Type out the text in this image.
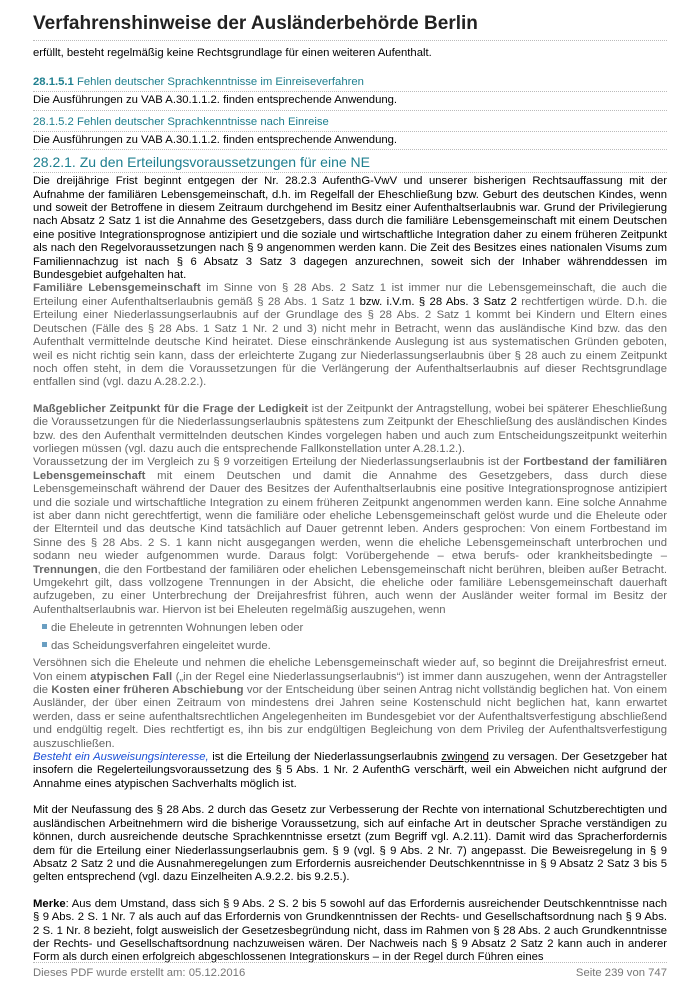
Verfahrenshinweise der Ausländerbehörde Berlin

erfüllt, besteht regelmäßig keine Rechtsgrundlage für einen weiteren Aufenthalt.

28.1.5.1 Fehlen deutscher Sprachkenntnisse im Einreiseverfahren

Die Ausführungen zu VAB A.30.1.1.2. finden entsprechende Anwendung.

28.1.5.2 Fehlen deutscher Sprachkenntnisse nach Einreise

Die Ausführungen zu VAB A.30.1.1.2. finden entsprechende Anwendung.

28.2.1. Zu den Erteilungsvoraussetzungen für eine NE

Die dreijährige Frist beginnt entgegen der Nr. 28.2.3 AufenthG-VwV und unserer bisherigen Rechtsauffassung mit der Aufnahme der familiären Lebensgemeinschaft, d.h. im Regelfall der Eheschließung bzw. Geburt des deutschen Kindes, wenn und soweit der Betroffene in diesem Zeitraum durchgehend im Besitz einer Aufenthaltserlaubnis war. Grund der Privilegierung nach Absatz 2 Satz 1 ist die Annahme des Gesetzgebers, dass durch die familiäre Lebensgemeinschaft mit einem Deutschen eine positive Integrationsprognose antizipiert und die soziale und wirtschaftliche Integration daher zu einem früheren Zeitpunkt als nach den Regelvoraussetzungen nach § 9 angenommen werden kann. Die Zeit des Besitzes eines nationalen Visums zum Familiennachzug ist nach § 6 Absatz 3 Satz 3 dagegen anzurechnen, soweit sich der Inhaber währenddessen im Bundesgebiet aufgehalten hat.

Familiäre Lebensgemeinschaft im Sinne von § 28 Abs. 2 Satz 1 ist immer nur die Lebensgemeinschaft, die auch die Erteilung einer Aufenthaltserlaubnis gemäß § 28 Abs. 1 Satz 1 bzw. i.V.m. § 28 Abs. 3 Satz 2 rechtfertigen würde. D.h. die Erteilung einer Niederlassungserlaubnis auf der Grundlage des § 28 Abs. 2 Satz 1 kommt bei Kindern und Eltern eines Deutschen (Fälle des § 28 Abs. 1 Satz 1 Nr. 2 und 3) nicht mehr in Betracht, wenn das ausländische Kind bzw. das den Aufenthalt vermittelnde deutsche Kind heiratet. Diese einschränkende Auslegung ist aus systematischen Gründen geboten, weil es nicht richtig sein kann, dass der erleichterte Zugang zur Niederlassungserlaubnis über § 28 auch zu einem Zeitpunkt noch offen steht, in dem die Voraussetzungen für die Verlängerung der Aufenthaltserlaubnis auf dieser Rechtsgrundlage entfallen sind (vgl. dazu A.28.2.2.).

Maßgeblicher Zeitpunkt für die Frage der Ledigkeit ist der Zeitpunkt der Antragstellung, wobei bei späterer Eheschließung die Voraussetzungen für die Niederlassungserlaubnis spätestens zum Zeitpunkt der Eheschließung des ausländischen Kindes bzw. des den Aufenthalt vermittelnden deutschen Kindes vorgelegen haben und auch zum Entscheidungszeitpunkt weiterhin vorliegen müssen (vgl. dazu auch die entsprechende Fallkonstellation unter A.28.1.2.).

Voraussetzung der im Vergleich zu § 9 vorzeitigen Erteilung der Niederlassungserlaubnis ist der Fortbestand der familiären Lebensgemeinschaft mit einem Deutschen und damit die Annahme des Gesetzgebers, dass durch diese Lebensgemeinschaft während der Dauer des Besitzes der Aufenthaltserlaubnis eine positive Integrationsprognose antizipiert und die soziale und wirtschaftliche Integration zu einem früheren Zeitpunkt angenommen werden kann. Eine solche Annahme ist aber dann nicht gerechtfertigt, wenn die familiäre oder eheliche Lebensgemeinschaft gelöst wurde und die Eheleute oder der Elternteil und das deutsche Kind tatsächlich auf Dauer getrennt leben. Anders gesprochen: Von einem Fortbestand im Sinne des § 28 Abs. 2 S. 1 kann nicht ausgegangen werden, wenn die eheliche Lebensgemeinschaft unterbrochen und sodann neu wieder aufgenommen wurde. Daraus folgt: Vorübergehende – etwa berufs- oder krankheitsbedingte – Trennungen, die den Fortbestand der familiären oder ehelichen Lebensgemeinschaft nicht berühren, bleiben außer Betracht. Umgekehrt gilt, dass vollzogene Trennungen in der Absicht, die eheliche oder familiäre Lebensgemeinschaft dauerhaft aufzugeben, zu einer Unterbrechung der Dreijahresfrist führen, auch wenn der Ausländer weiter formal im Besitz der Aufenthaltserlaubnis war. Hiervon ist bei Eheleuten regelmäßig auszugehen, wenn

die Eheleute in getrennten Wohnungen leben oder
das Scheidungsverfahren eingeleitet wurde.

Versöhnen sich die Eheleute und nehmen die eheliche Lebensgemeinschaft wieder auf, so beginnt die Dreijahresfrist erneut. Von einem atypischen Fall („in der Regel eine Niederlassungserlaubnis“) ist immer dann auszugehen, wenn der Antragsteller die Kosten einer früheren Abschiebung vor der Entscheidung über seinen Antrag nicht vollständig beglichen hat. Von einem Ausländer, der über einen Zeitraum von mindestens drei Jahren seine Kostenschuld nicht beglichen hat, kann erwartet werden, dass er seine aufenthaltsrechtlichen Angelegenheiten im Bundesgebiet vor der Aufenthaltsverfestigung abschließend und endgültig regelt. Dies rechtfertigt es, ihn bis zur endgültigen Begleichung von dem Privileg der Aufenthaltsverfestigung auszuschließen.

Besteht ein Ausweisungsinteresse, ist die Erteilung der Niederlassungserlaubnis zwingend zu versagen. Der Gesetzgeber hat insofern die Regelerteilungsvoraussetzung des § 5 Abs. 1 Nr. 2 AufenthG verschärft, weil ein Abweichen nicht aufgrund der Annahme eines atypischen Sachverhalts möglich ist.

Mit der Neufassung des § 28 Abs. 2 durch das Gesetz zur Verbesserung der Rechte von international Schutzberechtigten und ausländischen Arbeitnehmern wird die bisherige Voraussetzung, sich auf einfache Art in deutscher Sprache verständigen zu können, durch ausreichende deutsche Sprachkenntnisse ersetzt (zum Begriff vgl. A.2.11). Damit wird das Spracherfordernis dem für die Erteilung einer Niederlassungserlaubnis gem. § 9 (vgl. § 9 Abs. 2 Nr. 7) angepasst. Die Beweisregelung in § 9 Absatz 2 Satz 2 und die Ausnahmeregelungen zum Erfordernis ausreichender Deutschkenntnisse in § 9 Absatz 2 Satz 3 bis 5 gelten entsprechend (vgl. dazu Einzelheiten A.9.2.2. bis 9.2.5.).

Merke: Aus dem Umstand, dass sich § 9 Abs. 2 S. 2 bis 5 sowohl auf das Erfordernis ausreichender Deutschkenntnisse nach § 9 Abs. 2 S. 1 Nr. 7 als auch auf das Erfordernis von Grundkenntnissen der Rechts- und Gesellschaftsordnung nach § 9 Abs. 2 S. 1 Nr. 8 bezieht, folgt ausweislich der Gesetzesbegründung nicht, dass im Rahmen von § 28 Abs. 2 auch Grundkenntnisse der Rechts- und Gesellschaftsordnung nachzuweisen wären. Der Nachweis nach § 9 Absatz 2 Satz 2 kann auch in anderer Form als durch einen erfolgreich abgeschlossenen Integrationskurs – in der Regel durch Führen eines

Dieses PDF wurde erstellt am: 05.12.2016	Seite 239 von 747
